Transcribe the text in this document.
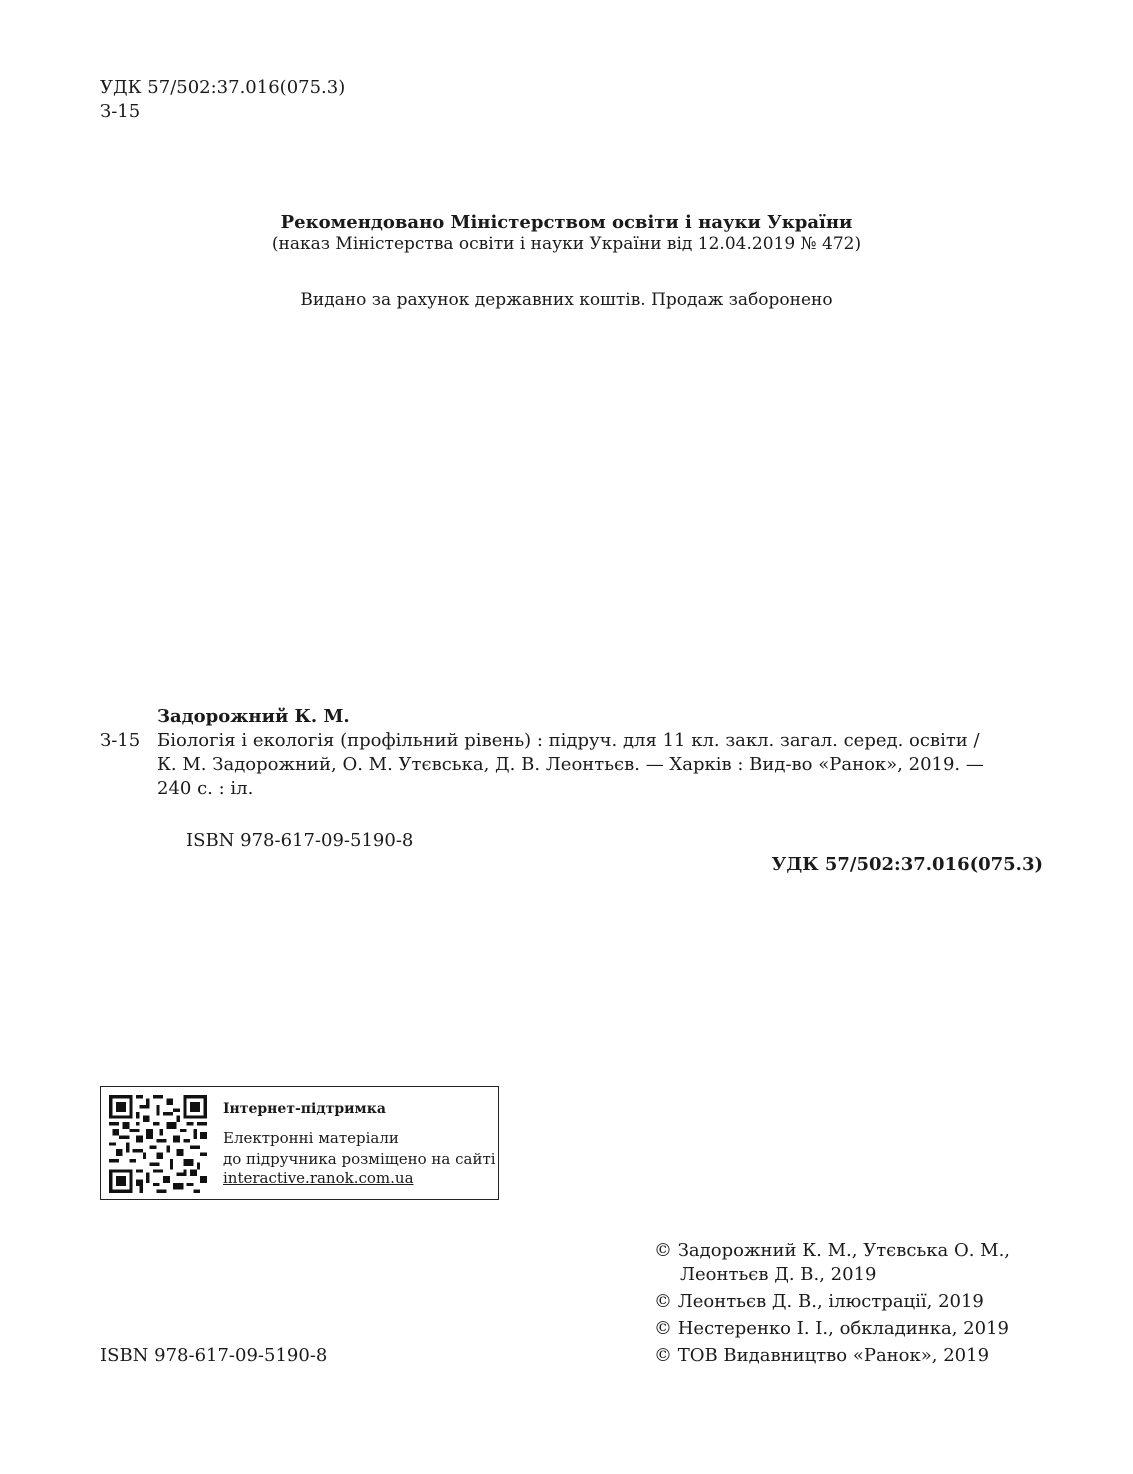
УДК 57/502:37.016(075.3)
З-15
Рекомендовано Міністерством освіти і науки України
(наказ Міністерства освіти і науки України від 12.04.2019 № 472)
Видано за рахунок державних коштів. Продаж заборонено
Задорожний К. М.
З-15 Біологія і екологія (профільний рівень) : підруч. для 11 кл. закл. загал. серед. освіти /
К. М. Задорожний, О. М. Утєвська, Д. В. Леонтьєв. — Харків : Вид-во «Ранок», 2019. —
240 с. : іл.
ISBN 978-617-09-5190-8
УДК 57/502:37.016(075.3)
Інтернет-підтримка
Електронні матеріали
до підручника розміщено на сайті
interactive.ranok.com.ua
© Задорожний К. М., Утєвська О. М.,
Леонтьєв Д. В., 2019
© Леонтьєв Д. В., ілюстрації, 2019
© Нестеренко І. І., обкладинка, 2019
© ТОВ Видавництво «Ранок», 2019
ISBN 978-617-09-5190-8
